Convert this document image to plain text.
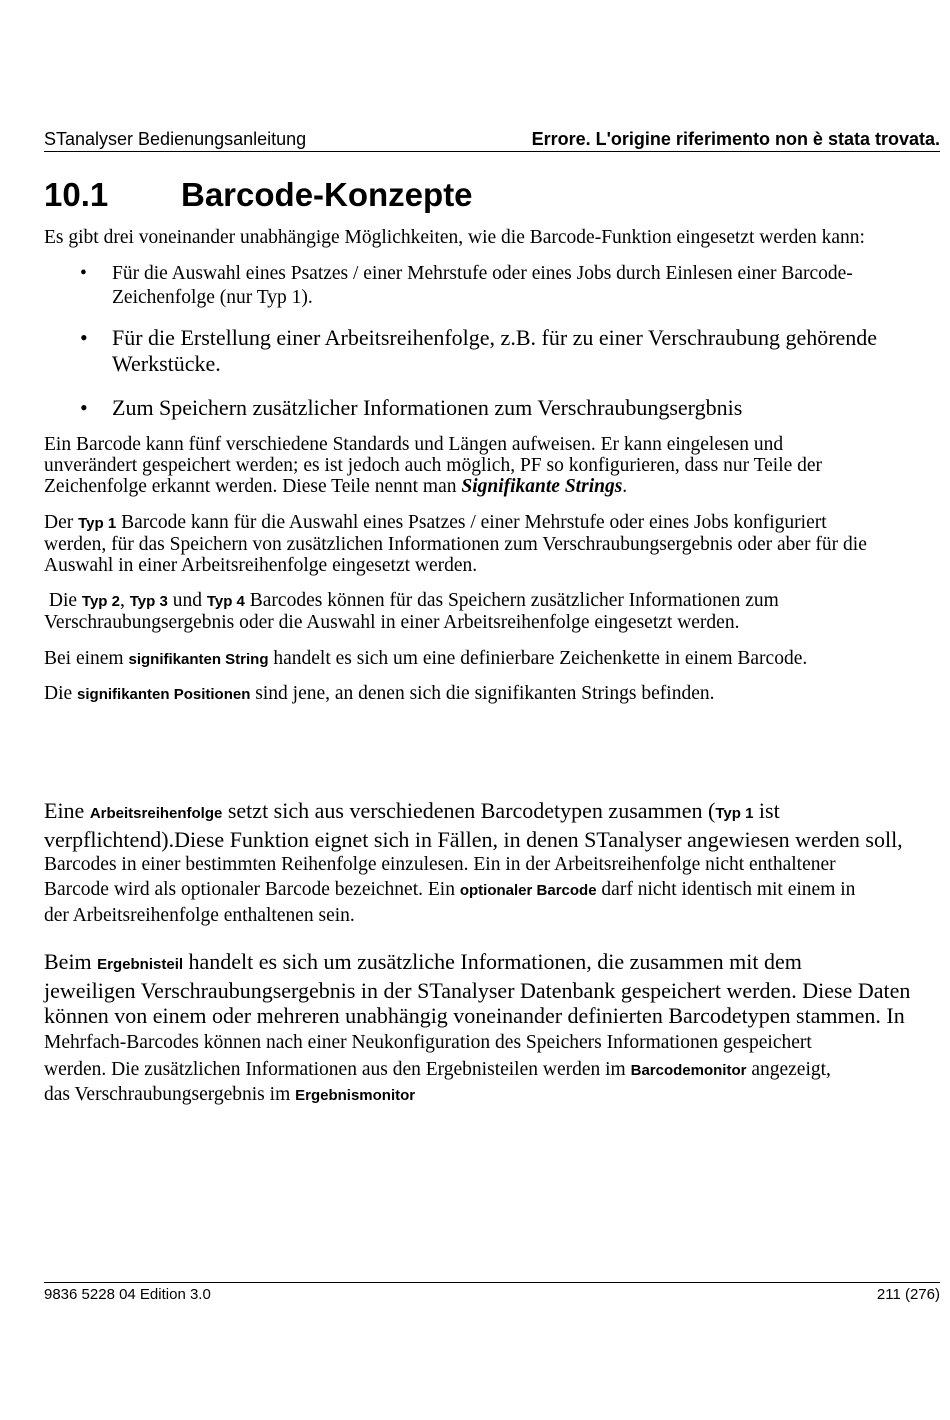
STanalyser Bedienungsanleitung	Errore. L'origine riferimento non è stata trovata.
10.1 Barcode-Konzepte
Es gibt drei voneinander unabhängige Möglichkeiten, wie die Barcode-Funktion eingesetzt werden kann:
• Für die Auswahl eines Psatzes / einer Mehrstufe oder eines Jobs durch Einlesen einer Barcode-
Zeichenfolge (nur Typ 1).
• Für die Erstellung einer Arbeitsreihenfolge, z.B. für zu einer Verschraubung gehörende
Werkstücke.
• Zum Speichern zusätzlicher Informationen zum Verschraubungsergbnis
Ein Barcode kann fünf verschiedene Standards und Längen aufweisen. Er kann eingelesen und
unverändert gespeichert werden; es ist jedoch auch möglich, PF so konfigurieren, dass nur Teile der
Zeichenfolge erkannt werden. Diese Teile nennt man Signifikante Strings.
Der Typ 1 Barcode kann für die Auswahl eines Psatzes / einer Mehrstufe oder eines Jobs konfiguriert
werden, für das Speichern von zusätzlichen Informationen zum Verschraubungsergebnis oder aber für die
Auswahl in einer Arbeitsreihenfolge eingesetzt werden.
Die Typ 2, Typ 3 und Typ 4 Barcodes können für das Speichern zusätzlicher Informationen zum
Verschraubungsergebnis oder die Auswahl in einer Arbeitsreihenfolge eingesetzt werden.
Bei einem signifikanten String handelt es sich um eine definierbare Zeichenkette in einem Barcode.
Die signifikanten Positionen sind jene, an denen sich die signifikanten Strings befinden.
Eine Arbeitsreihenfolge setzt sich aus verschiedenen Barcodetypen zusammen (Typ 1 ist
verpflichtend).Diese Funktion eignet sich in Fällen, in denen STanalyser angewiesen werden soll,
Barcodes in einer bestimmten Reihenfolge einzulesen. Ein in der Arbeitsreihenfolge nicht enthaltener
Barcode wird als optionaler Barcode bezeichnet. Ein optionaler Barcode darf nicht identisch mit einem in
der Arbeitsreihenfolge enthaltenen sein.
Beim Ergebnisteil handelt es sich um zusätzliche Informationen, die zusammen mit dem
jeweiligen Verschraubungsergebnis in der STanalyser Datenbank gespeichert werden. Diese Daten
können von einem oder mehreren unabhängig voneinander definierten Barcodetypen stammen. In
Mehrfach-Barcodes können nach einer Neukonfiguration des Speichers Informationen gespeichert
werden. Die zusätzlichen Informationen aus den Ergebnisteilen werden im Barcodemonitor angezeigt,
das Verschraubungsergebnis im Ergebnismonitor
9836 5228 04 Edition 3.0	211 (276)
